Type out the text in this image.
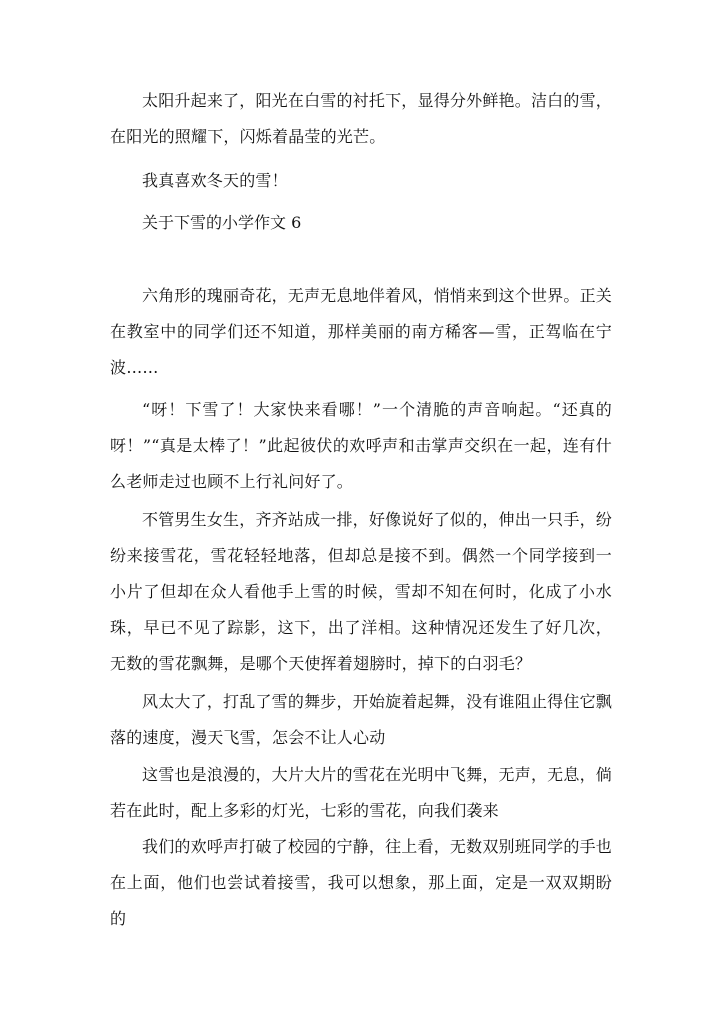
太阳升起来了，阳光在白雪的衬托下，显得分外鲜艳。洁白的雪，在阳光的照耀下，闪烁着晶莹的光芒。

我真喜欢冬天的雪！

关于下雪的小学作文 6

六角形的瑰丽奇花，无声无息地伴着风，悄悄来到这个世界。正关在教室中的同学们还不知道，那样美丽的南方稀客—雪，正驾临在宁波……

“呀！下雪了！大家快来看哪！”一个清脆的声音响起。“还真的呀！”“真是太棒了！”此起彼伏的欢呼声和击掌声交织在一起，连有什么老师走过也顾不上行礼问好了。

不管男生女生，齐齐站成一排，好像说好了似的，伸出一只手，纷纷来接雪花，雪花轻轻地落，但却总是接不到。偶然一个同学接到一小片了但却在众人看他手上雪的时候，雪却不知在何时，化成了小水珠，早已不见了踪影，这下，出了洋相。这种情况还发生了好几次，无数的雪花飘舞，是哪个天使挥着翅膀时，掉下的白羽毛？

风太大了，打乱了雪的舞步，开始旋着起舞，没有谁阻止得住它飘落的速度，漫天飞雪，怎会不让人心动

这雪也是浪漫的，大片大片的雪花在光明中飞舞，无声，无息，倘若在此时，配上多彩的灯光，七彩的雪花，向我们袭来

我们的欢呼声打破了校园的宁静，往上看，无数双别班同学的手也在上面，他们也尝试着接雪，我可以想象，那上面，定是一双双期盼的
